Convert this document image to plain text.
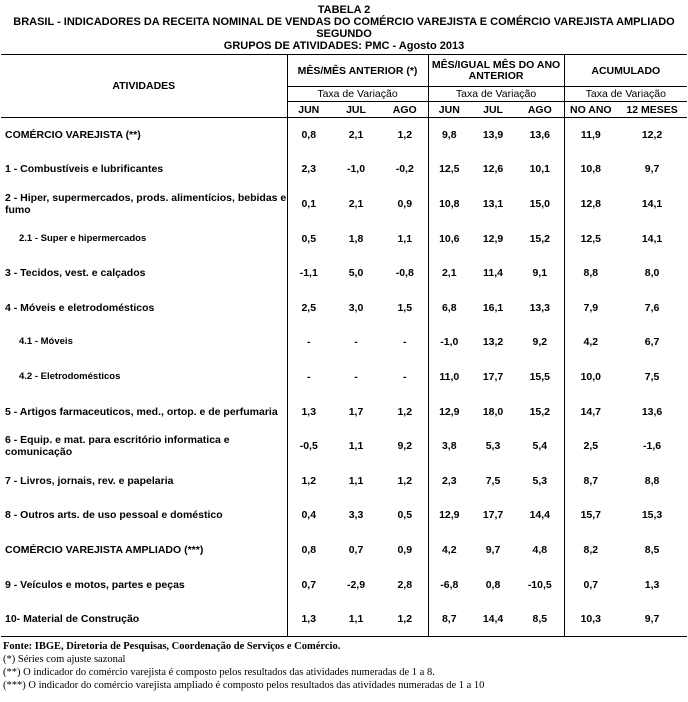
TABELA 2
BRASIL - INDICADORES DA RECEITA NOMINAL DE VENDAS DO COMÉRCIO VAREJISTA E COMÉRCIO VAREJISTA AMPLIADO SEGUNDO
GRUPOS DE ATIVIDADES: PMC - Agosto 2013
ATIVIDADES	MÊS/MÊS ANTERIOR (*)			MÊS/IGUAL MÊS DO ANO ANTERIOR			ACUMULADO	
	Taxa de Variação			Taxa de Variação			Taxa de Variação	
	JUN	JUL	AGO	JUN	JUL	AGO	NO ANO	12 MESES
COMÉRCIO VAREJISTA (**)	0,8	2,1	1,2	9,8	13,9	13,6	11,9	12,2
1 - Combustíveis e lubrificantes	2,3	-1,0	-0,2	12,5	12,6	10,1	10,8	9,7
2 - Hiper, supermercados, prods. alimentícios, bebidas e fumo	0,1	2,1	0,9	10,8	13,1	15,0	12,8	14,1
2.1 - Super e hipermercados	0,5	1,8	1,1	10,6	12,9	15,2	12,5	14,1
3 - Tecidos, vest. e calçados	-1,1	5,0	-0,8	2,1	11,4	9,1	8,8	8,0
4 - Móveis e eletrodomésticos	2,5	3,0	1,5	6,8	16,1	13,3	7,9	7,6
4.1 - Móveis	-	-	-	-1,0	13,2	9,2	4,2	6,7
4.2 - Eletrodomésticos	-	-	-	11,0	17,7	15,5	10,0	7,5
5 - Artigos farmaceuticos, med., ortop. e de perfumaria	1,3	1,7	1,2	12,9	18,0	15,2	14,7	13,6
6 - Equip. e mat. para escritório informatica e comunicação	-0,5	1,1	9,2	3,8	5,3	5,4	2,5	-1,6
7 - Livros, jornais, rev. e papelaria	1,2	1,1	1,2	2,3	7,5	5,3	8,7	8,8
8 - Outros arts. de uso pessoal e doméstico	0,4	3,3	0,5	12,9	17,7	14,4	15,7	15,3
COMÉRCIO VAREJISTA AMPLIADO (***)	0,8	0,7	0,9	4,2	9,7	4,8	8,2	8,5
9 - Veículos e motos, partes e peças	0,7	-2,9	2,8	-6,8	0,8	-10,5	0,7	1,3
10- Material de Construção	1,3	1,1	1,2	8,7	14,4	8,5	10,3	9,7
Fonte: IBGE, Diretoria de Pesquisas, Coordenação de Serviços e Comércio.
(*) Séries com ajuste sazonal
(**) O indicador do comércio varejista é composto pelos resultados das atividades numeradas de 1 a 8.
(***) O indicador do comércio varejista ampliado é composto pelos resultados das atividades numeradas de 1 a 10
